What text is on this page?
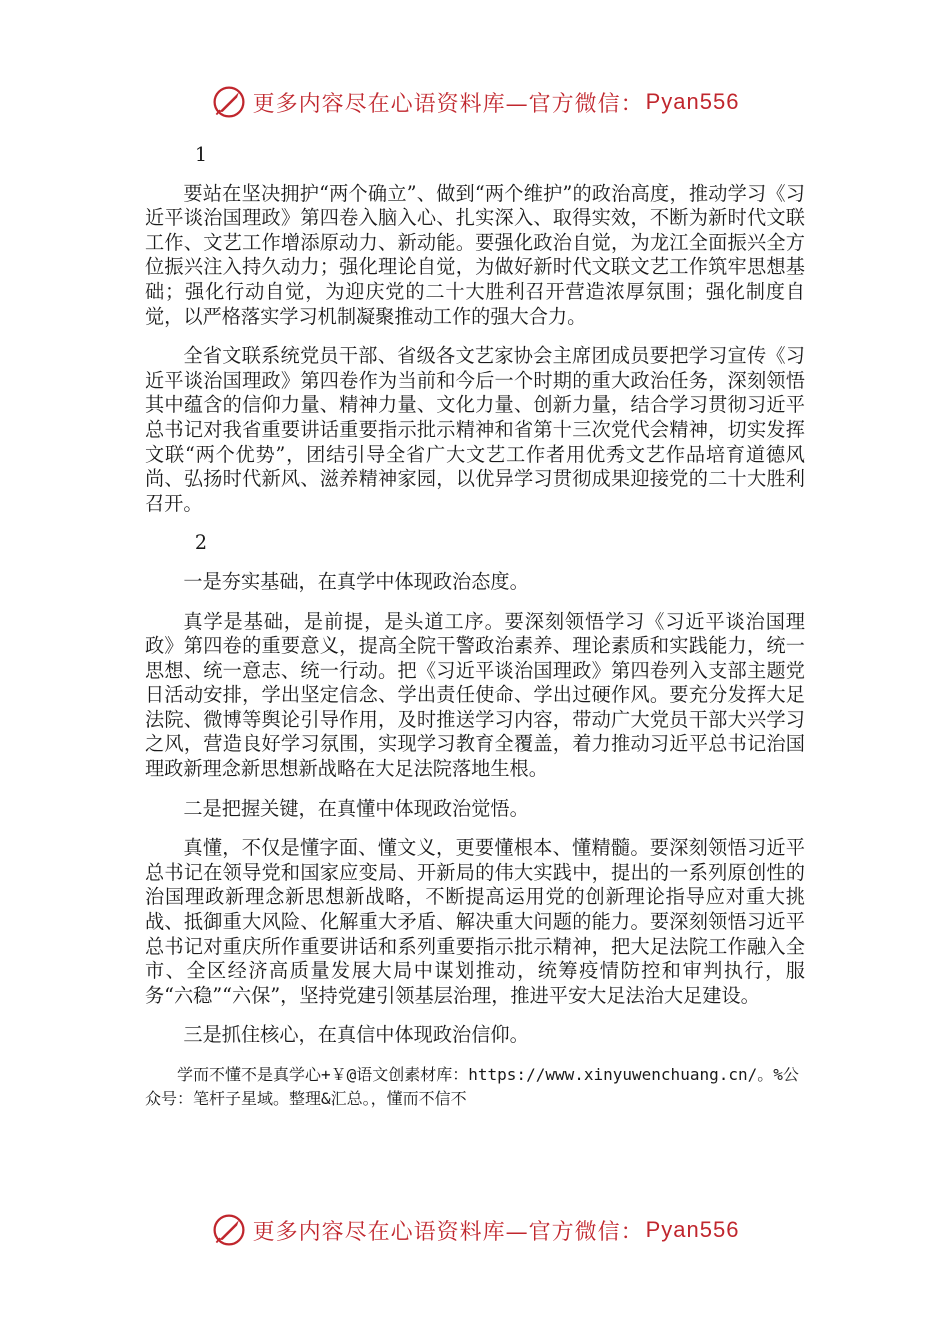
更多内容尽在心语资料库—官方微信： Pyan556

1

要站在坚决拥护“两个确立”、做到“两个维护”的政治高度，推动学习《习近平谈治国理政》第四卷入脑入心、扎实深入、取得实效，不断为新时代文联工作、文艺工作增添原动力、新动能。要强化政治自觉，为龙江全面振兴全方位振兴注入持久动力；强化理论自觉，为做好新时代文联文艺工作筑牢思想基础；强化行动自觉，为迎庆党的二十大胜利召开营造浓厚氛围；强化制度自觉，以严格落实学习机制凝聚推动工作的强大合力。

全省文联系统党员干部、省级各文艺家协会主席团成员要把学习宣传《习近平谈治国理政》第四卷作为当前和今后一个时期的重大政治任务，深刻领悟其中蕴含的信仰力量、精神力量、文化力量、创新力量，结合学习贯彻习近平总书记对我省重要讲话重要指示批示精神和省第十三次党代会精神，切实发挥文联“两个优势”，团结引导全省广大文艺工作者用优秀文艺作品培育道德风尚、弘扬时代新风、滋养精神家园，以优异学习贯彻成果迎接党的二十大胜利召开。

2

一是夯实基础，在真学中体现政治态度。

真学是基础，是前提，是头道工序。要深刻领悟学习《习近平谈治国理政》第四卷的重要意义，提高全院干警政治素养、理论素质和实践能力，统一思想、统一意志、统一行动。把《习近平谈治国理政》第四卷列入支部主题党日活动安排，学出坚定信念、学出责任使命、学出过硬作风。要充分发挥大足法院、微博等舆论引导作用，及时推送学习内容，带动广大党员干部大兴学习之风，营造良好学习氛围，实现学习教育全覆盖，着力推动习近平总书记治国理政新理念新思想新战略在大足法院落地生根。

二是把握关键，在真懂中体现政治觉悟。

真懂，不仅是懂字面、懂文义，更要懂根本、懂精髓。要深刻领悟习近平总书记在领导党和国家应变局、开新局的伟大实践中，提出的一系列原创性的治国理政新理念新思想新战略，不断提高运用党的创新理论指导应对重大挑战、抵御重大风险、化解重大矛盾、解决重大问题的能力。要深刻领悟习近平总书记对重庆所作重要讲话和系列重要指示批示精神，把大足法院工作融入全市、全区经济高质量发展大局中谋划推动，统筹疫情防控和审判执行，服务“六稳”“六保”，坚持党建引领基层治理，推进平安大足法治大足建设。

三是抓住核心，在真信中体现政治信仰。

学而不懂不是真学心+￥@语文创素材库：https://www.xinyuwenchuang.cn/。%公众号：笔杆子星域。整理&汇总。，懂而不信不

更多内容尽在心语资料库—官方微信： Pyan556
